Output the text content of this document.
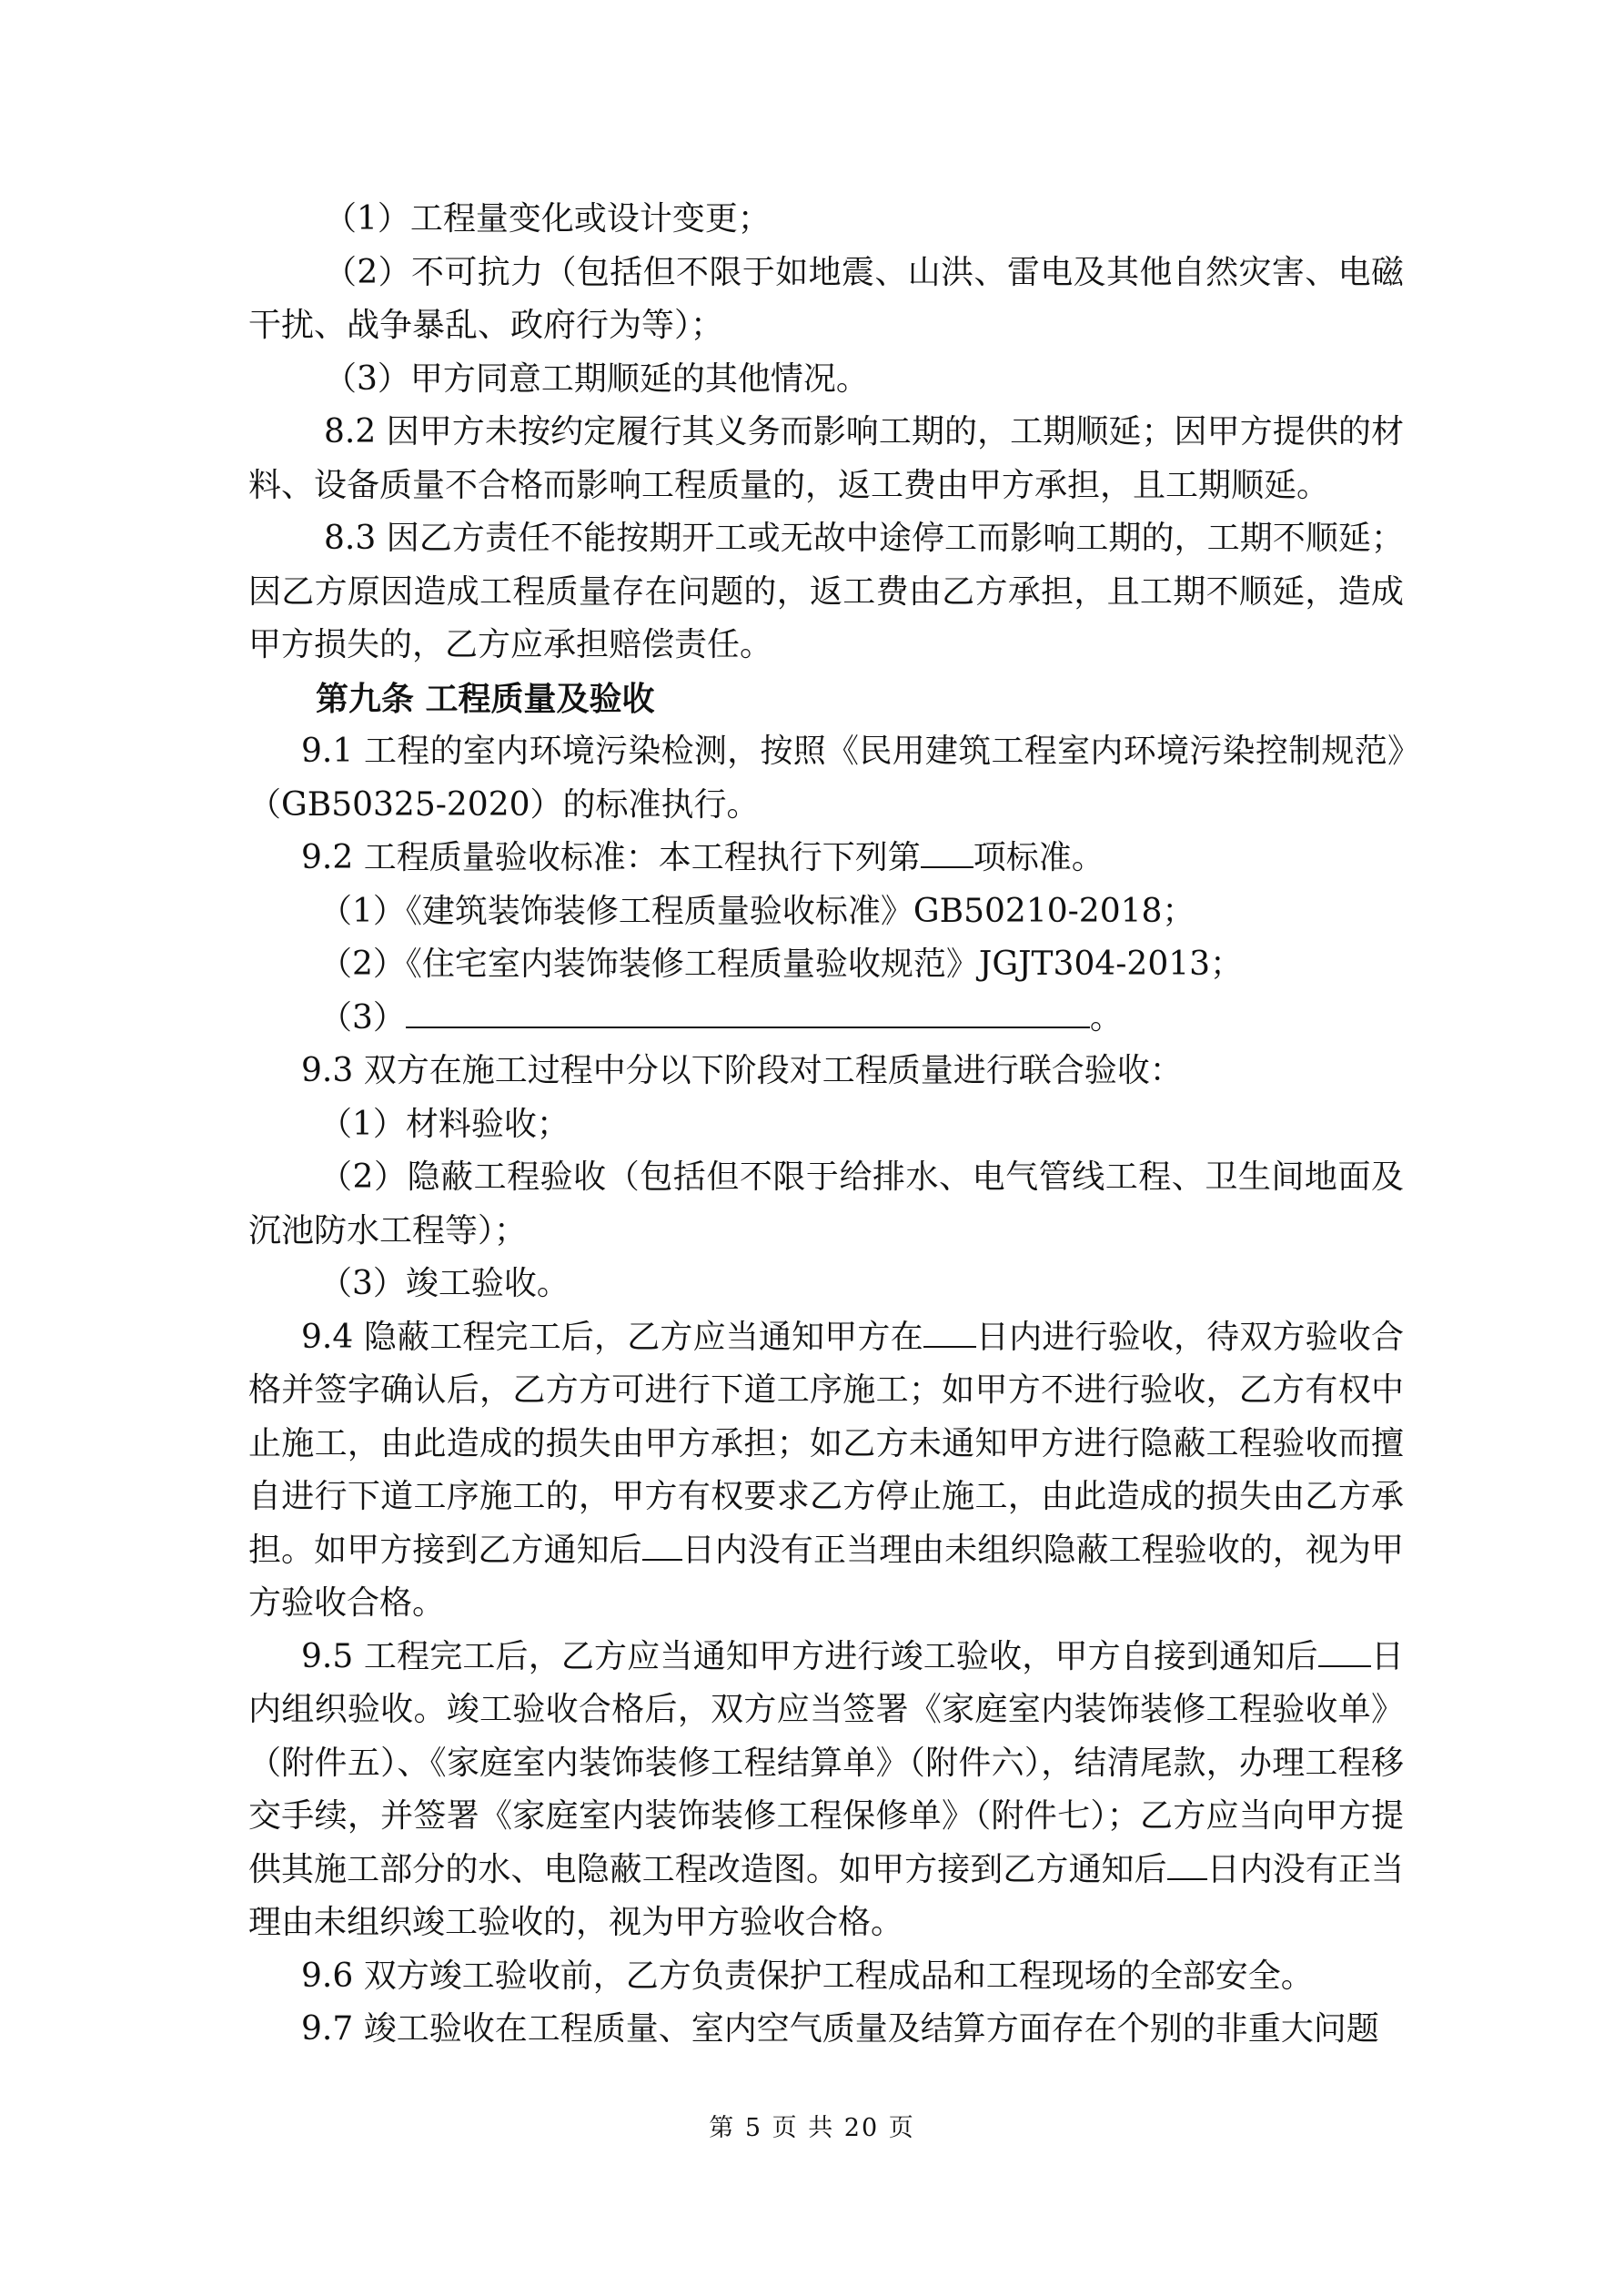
（1）工程量变化或设计变更；

（2）不可抗力（包括但不限于如地震、山洪、雷电及其他自然灾害、电磁干扰、战争暴乱、政府行为等）；

（3）甲方同意工期顺延的其他情况。

8.2 因甲方未按约定履行其义务而影响工期的，工期顺延；因甲方提供的材料、设备质量不合格而影响工程质量的，返工费由甲方承担，且工期顺延。

8.3 因乙方责任不能按期开工或无故中途停工而影响工期的，工期不顺延；因乙方原因造成工程质量存在问题的，返工费由乙方承担，且工期不顺延，造成甲方损失的，乙方应承担赔偿责任。

第九条 工程质量及验收

9.1 工程的室内环境污染检测，按照《民用建筑工程室内环境污染控制规范》（GB50325-2020）的标准执行。

9.2 工程质量验收标准：本工程执行下列第 项标准。

（1）《建筑装饰装修工程质量验收标准》GB50210-2018；

（2）《住宅室内装饰装修工程质量验收规范》JGJT304-2013；

（3）	。

9.3 双方在施工过程中分以下阶段对工程质量进行联合验收：

（1）材料验收；

（2）隐蔽工程验收（包括但不限于给排水、电气管线工程、卫生间地面及沉池防水工程等）；

（3）竣工验收。

9.4 隐蔽工程完工后，乙方应当通知甲方在 日内进行验收，待双方验收合格并签字确认后，乙方方可进行下道工序施工；如甲方不进行验收，乙方有权中止施工，由此造成的损失由甲方承担；如乙方未通知甲方进行隐蔽工程验收而擅自进行下道工序施工的，甲方有权要求乙方停止施工，由此造成的损失由乙方承担。如甲方接到乙方通知后 日内没有正当理由未组织隐蔽工程验收的，视为甲方验收合格。

9.5 工程完工后，乙方应当通知甲方进行竣工验收，甲方自接到通知后 日内组织验收。竣工验收合格后，双方应当签署《家庭室内装饰装修工程验收单》（附件五）、《家庭室内装饰装修工程结算单》（附件六），结清尾款，办理工程移交手续，并签署《家庭室内装饰装修工程保修单》（附件七）；乙方应当向甲方提供其施工部分的水、电隐蔽工程改造图。如甲方接到乙方通知后 日内没有正当理由未组织竣工验收的，视为甲方验收合格。

9.6 双方竣工验收前，乙方负责保护工程成品和工程现场的全部安全。

9.7 竣工验收在工程质量、室内空气质量及结算方面存在个别的非重大问题

第 5 页 共 20 页
